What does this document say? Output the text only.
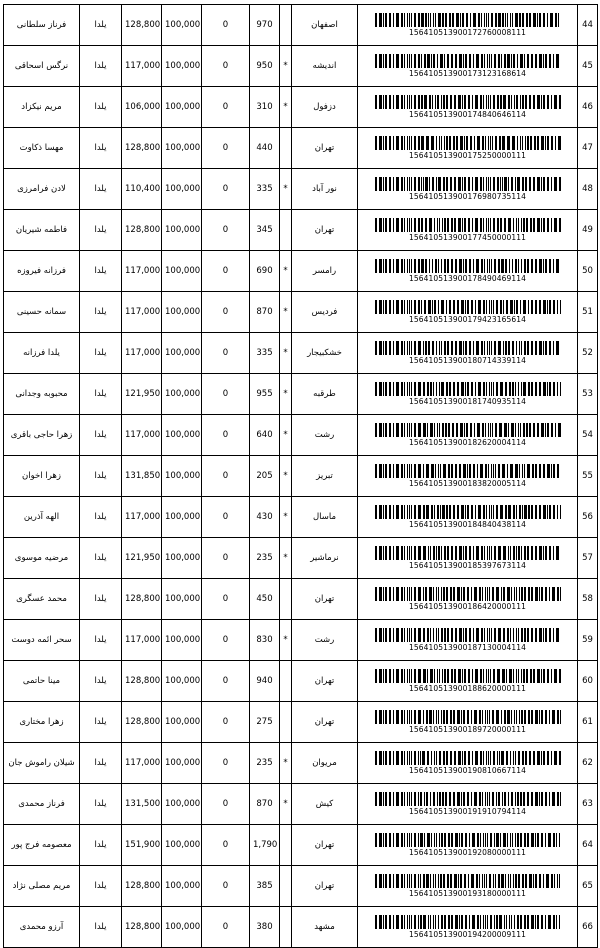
فرناز سلطانی	یلدا	128,800	100,000	0	970		اصفهان	156410513900172760008111	44
نرگس اسحاقی	یلدا	117,000	100,000	0	950	*	اندیشه	156410513900173123168614	45
مریم نیکزاد	یلدا	106,000	100,000	0	310	*	دزفول	156410513900174840646114	46
مهسا ذکاوت	یلدا	128,800	100,000	0	440		تهران	156410513900175250000111	47
لادن فرامرزی	یلدا	110,400	100,000	0	335	*	نور آباد	156410513900176980735114	48
فاطمه شیریان	یلدا	128,800	100,000	0	345		تهران	156410513900177450000111	49
فرزانه فیروزه	یلدا	117,000	100,000	0	690	*	رامسر	156410513900178490469114	50
سمانه حسینی	یلدا	117,000	100,000	0	870	*	فردیس	156410513900179423165614	51
یلدا فرزانه	یلدا	117,000	100,000	0	335	*	خشکبیجار	156410513900180714339114	52
محبوبه وجدانی	یلدا	121,950	100,000	0	955	*	طرقبه	156410513900181740935114	53
زهرا حاجی باقری	یلدا	117,000	100,000	0	640	*	رشت	156410513900182620004114	54
زهرا اخوان	یلدا	131,850	100,000	0	205	*	تبریز	156410513900183820005114	55
الهه آذرین	یلدا	117,000	100,000	0	430	*	ماسال	156410513900184840438114	56
مرضیه موسوی	یلدا	121,950	100,000	0	235	*	نرماشیر	156410513900185397673114	57
محمد عسگری	یلدا	128,800	100,000	0	450		تهران	156410513900186420000111	58
سحر ائمه دوست	یلدا	117,000	100,000	0	830	*	رشت	156410513900187130004114	59
مینا حاتمی	یلدا	128,800	100,000	0	940		تهران	156410513900188620000111	60
زهرا مختاری	یلدا	128,800	100,000	0	275		تهران	156410513900189720000111	61
شیلان راموش جان	یلدا	117,000	100,000	0	235	*	مریوان	156410513900190810667114	62
فرناز محمدی	یلدا	131,500	100,000	0	870	*	کیش	156410513900191910794114	63
معصومه فرج پور	یلدا	151,900	100,000	0	1,790		تهران	156410513900192080000111	64
مریم مصلی نژاد	یلدا	128,800	100,000	0	385		تهران	156410513900193180000111	65
آرزو محمدی	یلدا	128,800	100,000	0	380		مشهد	156410513900194200009111	66
